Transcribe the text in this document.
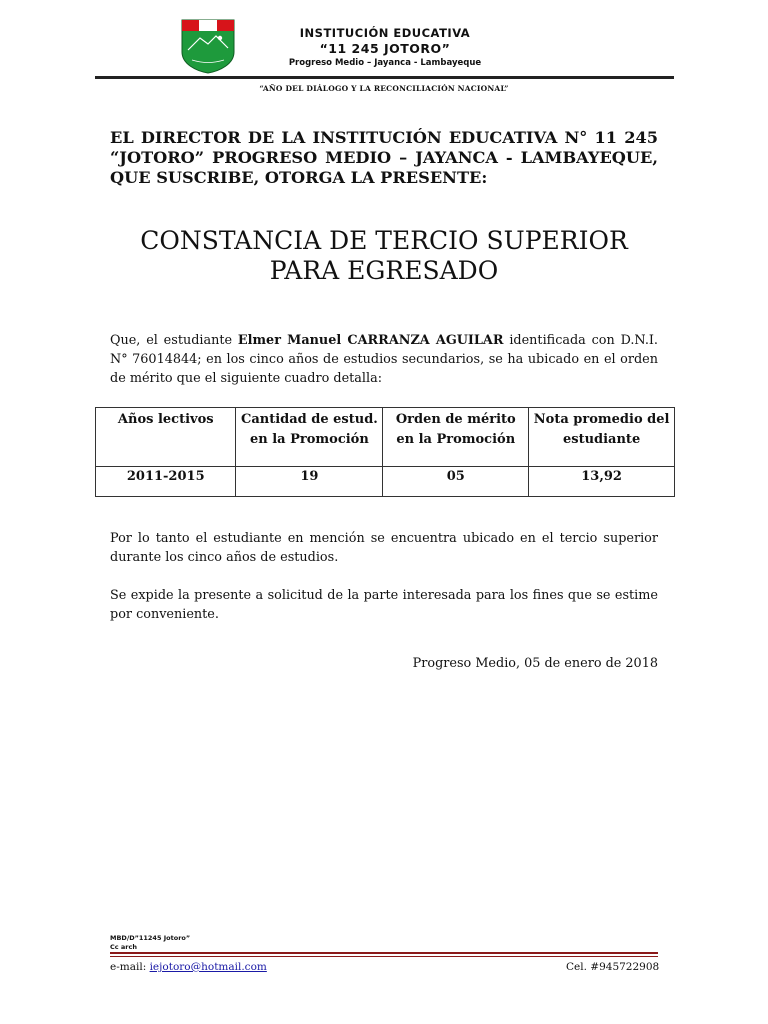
INSTITUCIÓN EDUCATIVA
“11 245 JOTORO”
Progreso Medio – Jayanca - Lambayeque
“AÑO DEL DIÁLOGO Y LA RECONCILIACIÓN NACIONAL”
EL DIRECTOR DE LA INSTITUCIÓN EDUCATIVA N° 11 245 “JOTORO” PROGRESO MEDIO – JAYANCA - LAMBAYEQUE, QUE SUSCRIBE, OTORGA LA PRESENTE:
CONSTANCIA DE TERCIO SUPERIOR
PARA EGRESADO
Que, el estudiante Elmer Manuel CARRANZA AGUILAR identificada con D.N.I. N° 76014844; en los cinco años de estudios secundarios, se ha ubicado en el orden de mérito que el siguiente cuadro detalla:
Años lectivos	Cantidad de estud. en la Promoción	Orden de mérito en la Promoción	Nota promedio del estudiante
2011-2015	19	05	13,92
Por lo tanto el estudiante en mención se encuentra ubicado en el tercio superior durante los cinco años de estudios.
Se expide la presente a solicitud de la parte interesada para los fines que se estime por conveniente.
Progreso Medio, 05 de enero de 2018
MBD/D”11245 Jotoro”
Cc arch
e-mail: iejotoro@hotmail.com	Cel. #945722908
